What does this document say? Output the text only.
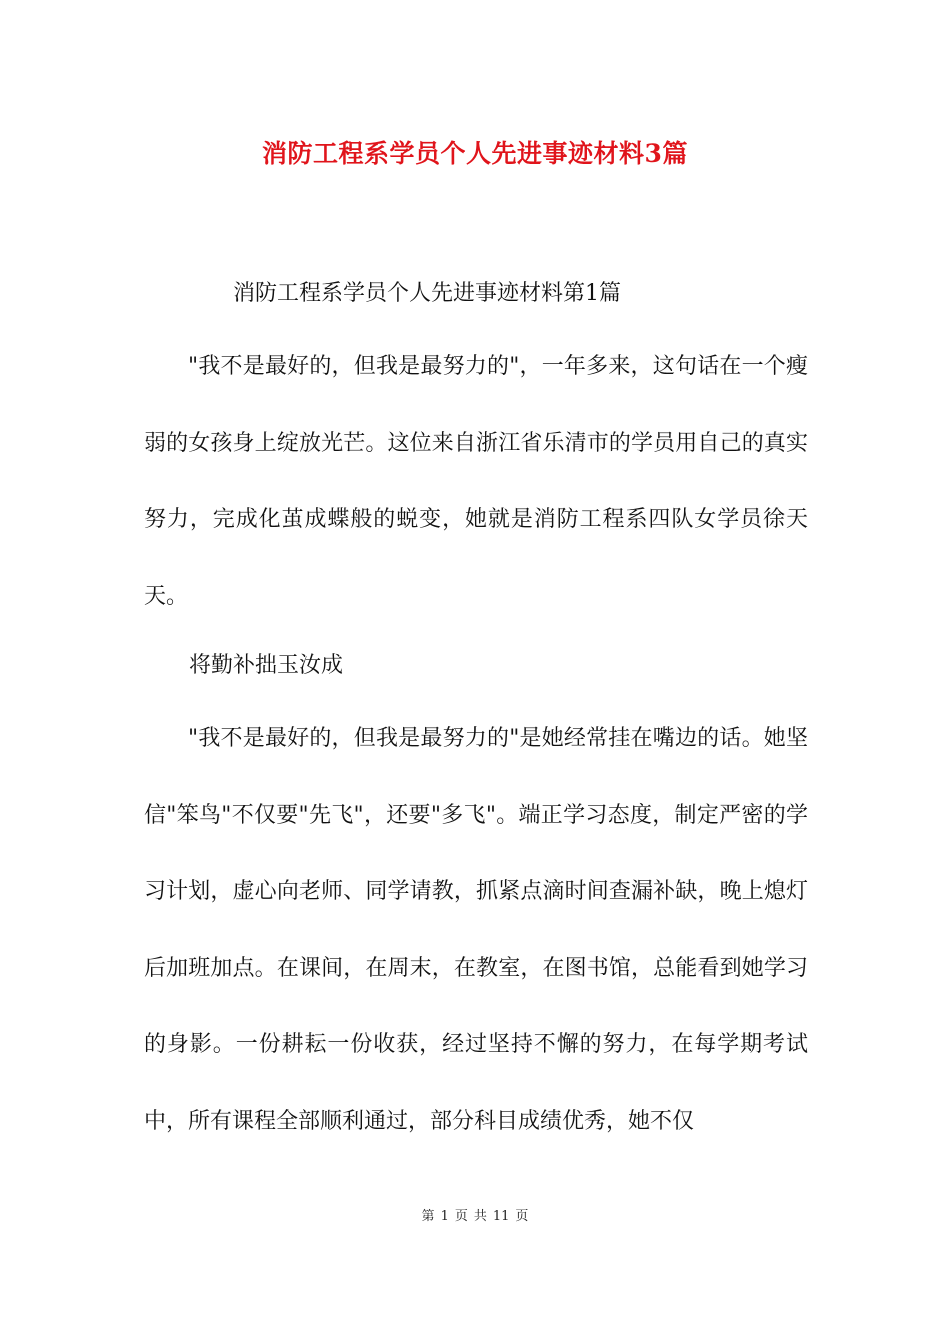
消防工程系学员个人先进事迹材料3篇
消防工程系学员个人先进事迹材料第1篇

"我不是最好的，但我是最努力的"，一年多来，这句话在一个瘦弱的女孩身上绽放光芒。这位来自浙江省乐清市的学员用自己的真实努力，完成化茧成蝶般的蜕变，她就是消防工程系四队女学员徐天天。

将勤补拙玉汝成

"我不是最好的，但我是最努力的"是她经常挂在嘴边的话。她坚信"笨鸟"不仅要"先飞"，还要"多飞"。端正学习态度，制定严密的学习计划，虚心向老师、同学请教，抓紧点滴时间查漏补缺，晚上熄灯后加班加点。在课间，在周末，在教室，在图书馆，总能看到她学习的身影。一份耕耘一份收获，经过坚持不懈的努力，在每学期考试中，所有课程全部顺利通过，部分科目成绩优秀，她不仅

第 1 页 共 11 页
